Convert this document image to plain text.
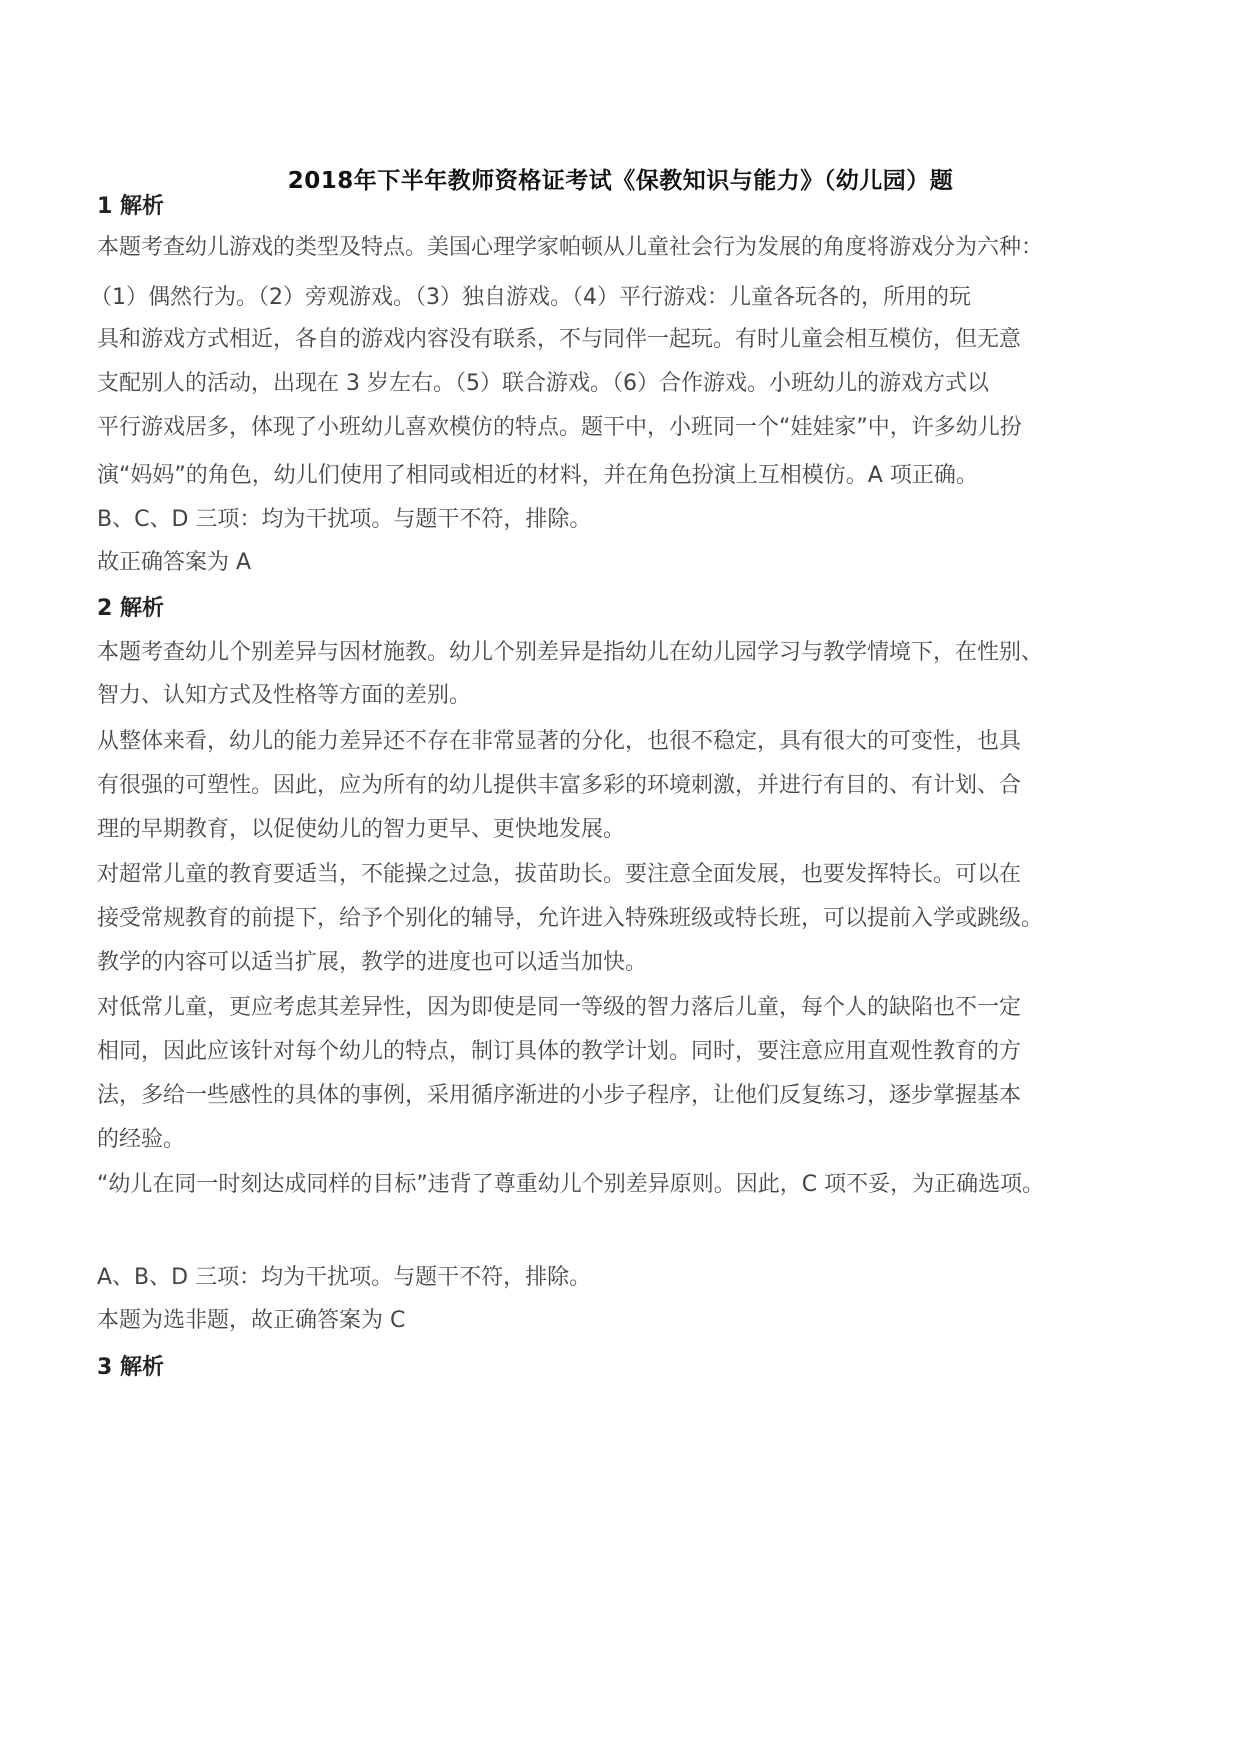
2018年下半年教师资格证考试《保教知识与能力》（幼儿园）题
1 解析
本题考查幼儿游戏的类型及特点。美国心理学家帕顿从儿童社会行为发展的角度将游戏分为六种：
（1）偶然行为。（2）旁观游戏。（3）独自游戏。（4）平行游戏：儿童各玩各的，所用的玩
具和游戏方式相近，各自的游戏内容没有联系，不与同伴一起玩。有时儿童会相互模仿，但无意
支配别人的活动，出现在 3 岁左右。（5）联合游戏。（6）合作游戏。小班幼儿的游戏方式以
平行游戏居多，体现了小班幼儿喜欢模仿的特点。题干中，小班同一个“娃娃家”中，许多幼儿扮
演“妈妈”的角色，幼儿们使用了相同或相近的材料，并在角色扮演上互相模仿。A 项正确。
B、C、D 三项：均为干扰项。与题干不符，排除。
故正确答案为 A
2 解析
本题考查幼儿个别差异与因材施教。幼儿个别差异是指幼儿在幼儿园学习与教学情境下，在性别、
智力、认知方式及性格等方面的差别。
从整体来看，幼儿的能力差异还不存在非常显著的分化，也很不稳定，具有很大的可变性，也具
有很强的可塑性。因此，应为所有的幼儿提供丰富多彩的环境刺激，并进行有目的、有计划、合
理的早期教育，以促使幼儿的智力更早、更快地发展。
对超常儿童的教育要适当，不能操之过急，拔苗助长。要注意全面发展，也要发挥特长。可以在
接受常规教育的前提下，给予个别化的辅导，允许进入特殊班级或特长班，可以提前入学或跳级。
教学的内容可以适当扩展，教学的进度也可以适当加快。
对低常儿童，更应考虑其差异性，因为即使是同一等级的智力落后儿童，每个人的缺陷也不一定
相同，因此应该针对每个幼儿的特点，制订具体的教学计划。同时，要注意应用直观性教育的方
法，多给一些感性的具体的事例，采用循序渐进的小步子程序，让他们反复练习，逐步掌握基本
的经验。
“幼儿在同一时刻达成同样的目标”违背了尊重幼儿个别差异原则。因此，C 项不妥，为正确选项。
A、B、D 三项：均为干扰项。与题干不符，排除。
本题为选非题，故正确答案为 C
3 解析
